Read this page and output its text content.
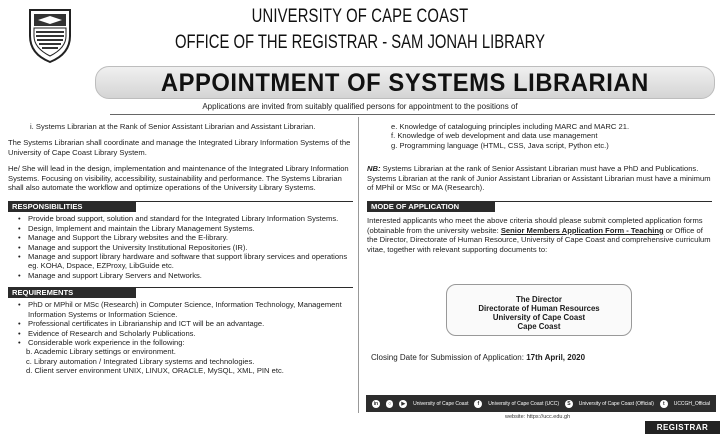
UNIVERSITY OF CAPE COAST
OFFICE OF THE REGISTRAR - SAM JONAH LIBRARY
APPOINTMENT OF SYSTEMS LIBRARIAN
Applications are invited from suitably qualified persons for appointment to the positions of

i. Systems Librarian at the Rank of Senior Assistant Librarian and Assistant Librarian.

The Systems Librarian shall coordinate and manage the Integrated Library Information Systems of the University of Cape Coast Library System.

He/ She will lead in the design, implementation and maintenance of the Integrated Library Information Systems. Focusing on visibility, accessibility, sustainability and performance. The Systems Librarian shall also automate the workflow and optimize operations of the University Library Systems.

RESPONSIBILITIES

• Provide broad support, solution and standard for the Integrated Library Information Systems.

• Design, Implement and maintain the Library Management Systems.

• Manage and Support the Library websites and the E-library.

• Manage and support the University Institutional Repositories (IR).

• Manage and support library hardware and software that support library services and operations eg. KOHA, Dspace, EZProxy, LibGuide etc.

• Manage and support Library Servers and Networks.

REQUIREMENTS

• PhD or MPhil or MSc (Research) in Computer Science, Information Technology, Management Information Systems or Information Science.

• Professional certificates in Librarianship and ICT will be an advantage.

• Evidence of Research and Scholarly Publications.

• Considerable work experience in the following:

b. Academic Library settings or environment.

c. Library automation / Integrated Library systems and technologies.

d. Client server environment UNIX, LINUX, ORACLE, MySQL, XML, PIN etc.

e. Knowledge of cataloguing principles including MARC and MARC 21.

f. Knowledge of web development and data use management

g. Programming language (HTML, CSS, Java script, Python etc.)

NB: Systems Librarian at the rank of Senior Assistant Librarian must have a PhD and Publications. Systems Librarian at the rank of Junior Assistant Librarian or Assistant Librarian must have a minimum of MPhil or MSc or MA (Research).

MODE OF APPLICATION

Interested applicants who meet the above criteria should please submit completed application forms (obtainable from the university website: Senior Members Application Form - Teaching or Office of the Director, Directorate of Human Resource, University of Cape Coast and comprehensive curriculum vitae, together with relevant supporting documents to:

The Director
Directorate of Human Resources
University of Cape Coast
Cape Coast
Closing Date for Submission of Application: 17th April, 2020
in	○	▶	University of Cape Coast	f	University of Cape Coast (UCC)	S	University of Cape Coast (Official)	t	UCCGH_Official
website: https://ucc.edu.gh
REGISTRAR
